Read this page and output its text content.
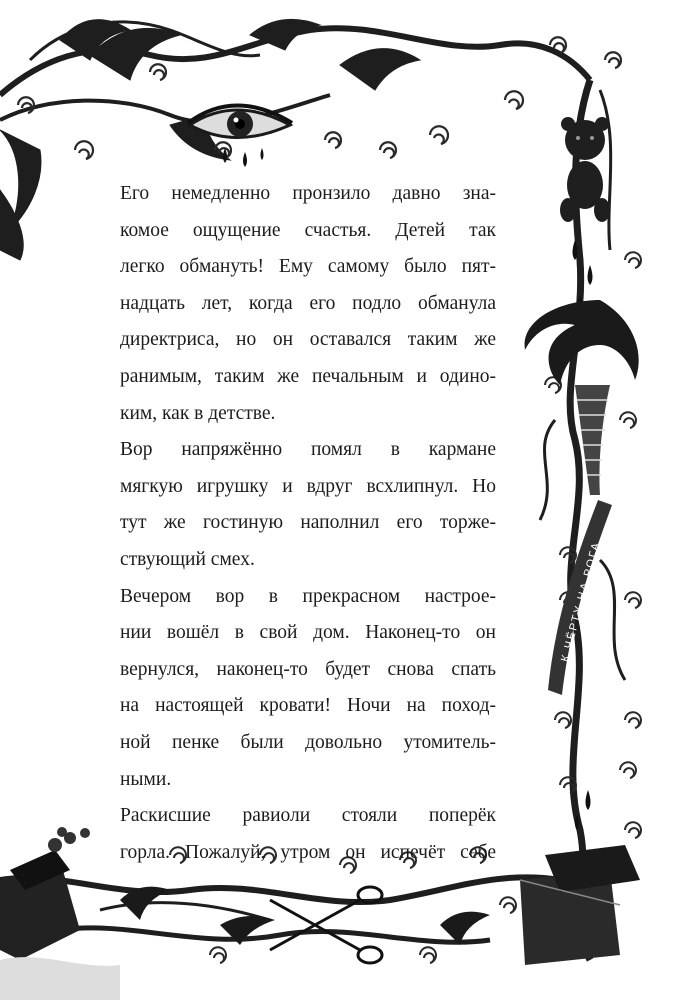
К ЧЁРТУ НА РОГА
Его немедленно пронзило давно зна-
комое ощущение счастья. Детей так
легко обмануть! Ему самому было пят-
надцать лет, когда его подло обманула
директриса, но он оставался таким же
ранимым, таким же печальным и одино-
ким, как в детстве.
Вор напряжённо помял в кармане
мягкую игрушку и вдруг всхлипнул. Но
тут же гостиную наполнил его торже-
ствующий смех.
Вечером вор в прекрасном настрое-
нии вошёл в свой дом. Наконец-то он
вернулся, наконец-то будет снова спать
на настоящей кровати! Ночи на поход-
ной пенке были довольно утомитель-
ными.
Раскисшие равиоли стояли поперёк
горла. Пожалуй, утром он испечёт себе
